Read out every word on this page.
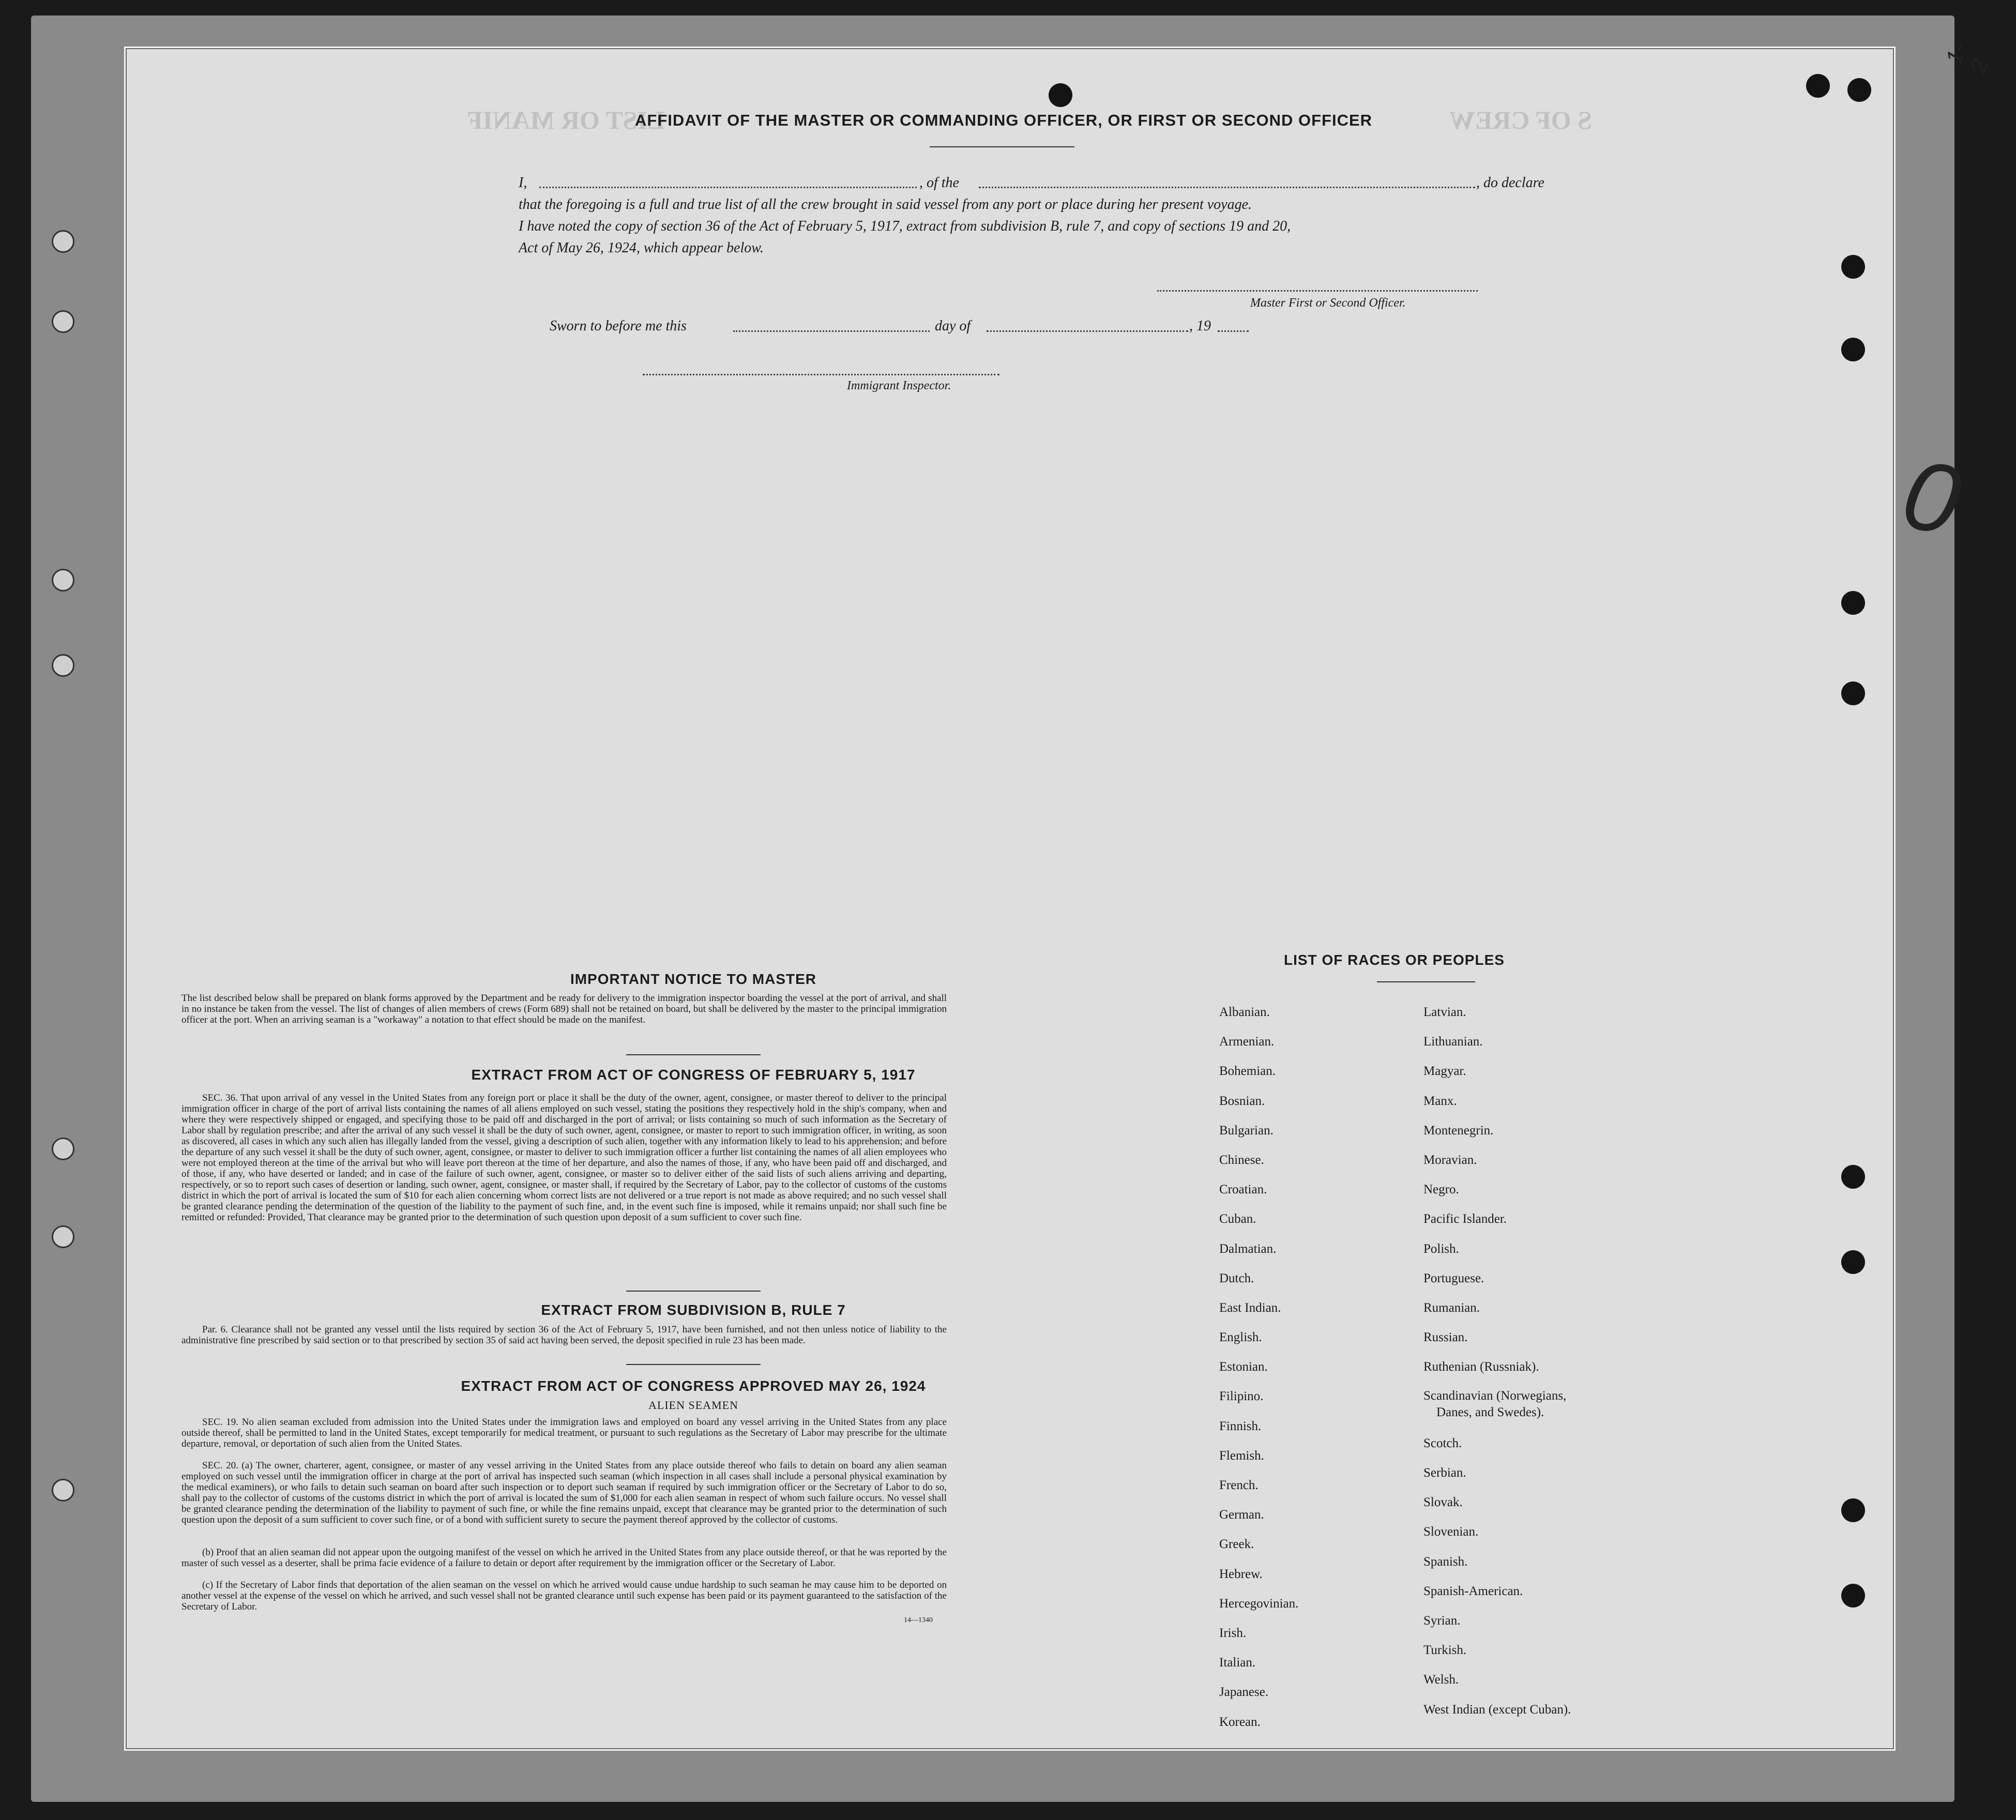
LIST OR MANIF	S OF CREW
0
1-2
AFFIDAVIT OF THE MASTER OR COMMANDING OFFICER, OR FIRST OR SECOND OFFICER
I,	, of the	, do declare
that the foregoing is a full and true list of all the crew brought in said vessel from any port or place during her present voyage.
I have noted the copy of section 36 of the Act of February 5, 1917, extract from subdivision B, rule 7, and copy of sections 19 and 20,
Act of May 26, 1924, which appear below.
Master First or Second Officer.
Sworn to before me this	day of	, 19
Immigrant Inspector.
IMPORTANT NOTICE TO MASTER
The list described below shall be prepared on blank forms approved by the Department and be ready for delivery to the immigration inspector boarding the vessel at the port of arrival, and shall in no instance be taken from the vessel. The list of changes of alien members of crews (Form 689) shall not be retained on board, but shall be delivered by the master to the principal immigration officer at the port. When an arriving seaman is a "workaway" a notation to that effect should be made on the manifest.
EXTRACT FROM ACT OF CONGRESS OF FEBRUARY 5, 1917
SEC. 36. That upon arrival of any vessel in the United States from any foreign port or place it shall be the duty of the owner, agent, consignee, or master thereof to deliver to the principal immigration officer in charge of the port of arrival lists containing the names of all aliens employed on such vessel, stating the positions they respectively hold in the ship's company, when and where they were respectively shipped or engaged, and specifying those to be paid off and discharged in the port of arrival; or lists containing so much of such information as the Secretary of Labor shall by regulation prescribe; and after the arrival of any such vessel it shall be the duty of such owner, agent, consignee, or master to report to such immigration officer, in writing, as soon as discovered, all cases in which any such alien has illegally landed from the vessel, giving a description of such alien, together with any information likely to lead to his apprehension; and before the departure of any such vessel it shall be the duty of such owner, agent, consignee, or master to deliver to such immigration officer a further list containing the names of all alien employees who were not employed thereon at the time of the arrival but who will leave port thereon at the time of her departure, and also the names of those, if any, who have been paid off and discharged, and of those, if any, who have deserted or landed; and in case of the failure of such owner, agent, consignee, or master so to deliver either of the said lists of such aliens arriving and departing, respectively, or so to report such cases of desertion or landing, such owner, agent, consignee, or master shall, if required by the Secretary of Labor, pay to the collector of customs of the customs district in which the port of arrival is located the sum of $10 for each alien concerning whom correct lists are not delivered or a true report is not made as above required; and no such vessel shall be granted clearance pending the determination of the question of the liability to the payment of such fine, and, in the event such fine is imposed, while it remains unpaid; nor shall such fine be remitted or refunded: Provided, That clearance may be granted prior to the determination of such question upon deposit of a sum sufficient to cover such fine.
EXTRACT FROM SUBDIVISION B, RULE 7
Par. 6. Clearance shall not be granted any vessel until the lists required by section 36 of the Act of February 5, 1917, have been furnished, and not then unless notice of liability to the administrative fine prescribed by said section or to that prescribed by section 35 of said act having been served, the deposit specified in rule 23 has been made.
EXTRACT FROM ACT OF CONGRESS APPROVED MAY 26, 1924
ALIEN SEAMEN
SEC. 19. No alien seaman excluded from admission into the United States under the immigration laws and employed on board any vessel arriving in the United States from any place outside thereof, shall be permitted to land in the United States, except temporarily for medical treatment, or pursuant to such regulations as the Secretary of Labor may prescribe for the ultimate departure, removal, or deportation of such alien from the United States.
SEC. 20. (a) The owner, charterer, agent, consignee, or master of any vessel arriving in the United States from any place outside thereof who fails to detain on board any alien seaman employed on such vessel until the immigration officer in charge at the port of arrival has inspected such seaman (which inspection in all cases shall include a personal physical examination by the medical examiners), or who fails to detain such seaman on board after such inspection or to deport such seaman if required by such immigration officer or the Secretary of Labor to do so, shall pay to the collector of customs of the customs district in which the port of arrival is located the sum of $1,000 for each alien seaman in respect of whom such failure occurs. No vessel shall be granted clearance pending the determination of the liability to payment of such fine, or while the fine remains unpaid, except that clearance may be granted prior to the determination of such question upon the deposit of a sum sufficient to cover such fine, or of a bond with sufficient surety to secure the payment thereof approved by the collector of customs.
(b) Proof that an alien seaman did not appear upon the outgoing manifest of the vessel on which he arrived in the United States from any place outside thereof, or that he was reported by the master of such vessel as a deserter, shall be prima facie evidence of a failure to detain or deport after requirement by the immigration officer or the Secretary of Labor.
(c) If the Secretary of Labor finds that deportation of the alien seaman on the vessel on which he arrived would cause undue hardship to such seaman he may cause him to be deported on another vessel at the expense of the vessel on which he arrived, and such vessel shall not be granted clearance until such expense has been paid or its payment guaranteed to the satisfaction of the Secretary of Labor.
14—1340
LIST OF RACES OR PEOPLES
Albanian.
Armenian.
Bohemian.
Bosnian.
Bulgarian.
Chinese.
Croatian.
Cuban.
Dalmatian.
Dutch.
East Indian.
English.
Estonian.
Filipino.
Finnish.
Flemish.
French.
German.
Greek.
Hebrew.
Hercegovinian.
Irish.
Italian.
Japanese.
Korean.
Latvian.
Lithuanian.
Magyar.
Manx.
Montenegrin.
Moravian.
Negro.
Pacific Islander.
Polish.
Portuguese.
Rumanian.
Russian.
Ruthenian (Russniak).
Scandinavian (Norwegians,
Danes, and Swedes).
Scotch.
Serbian.
Slovak.
Slovenian.
Spanish.
Spanish-American.
Syrian.
Turkish.
Welsh.
West Indian (except Cuban).
